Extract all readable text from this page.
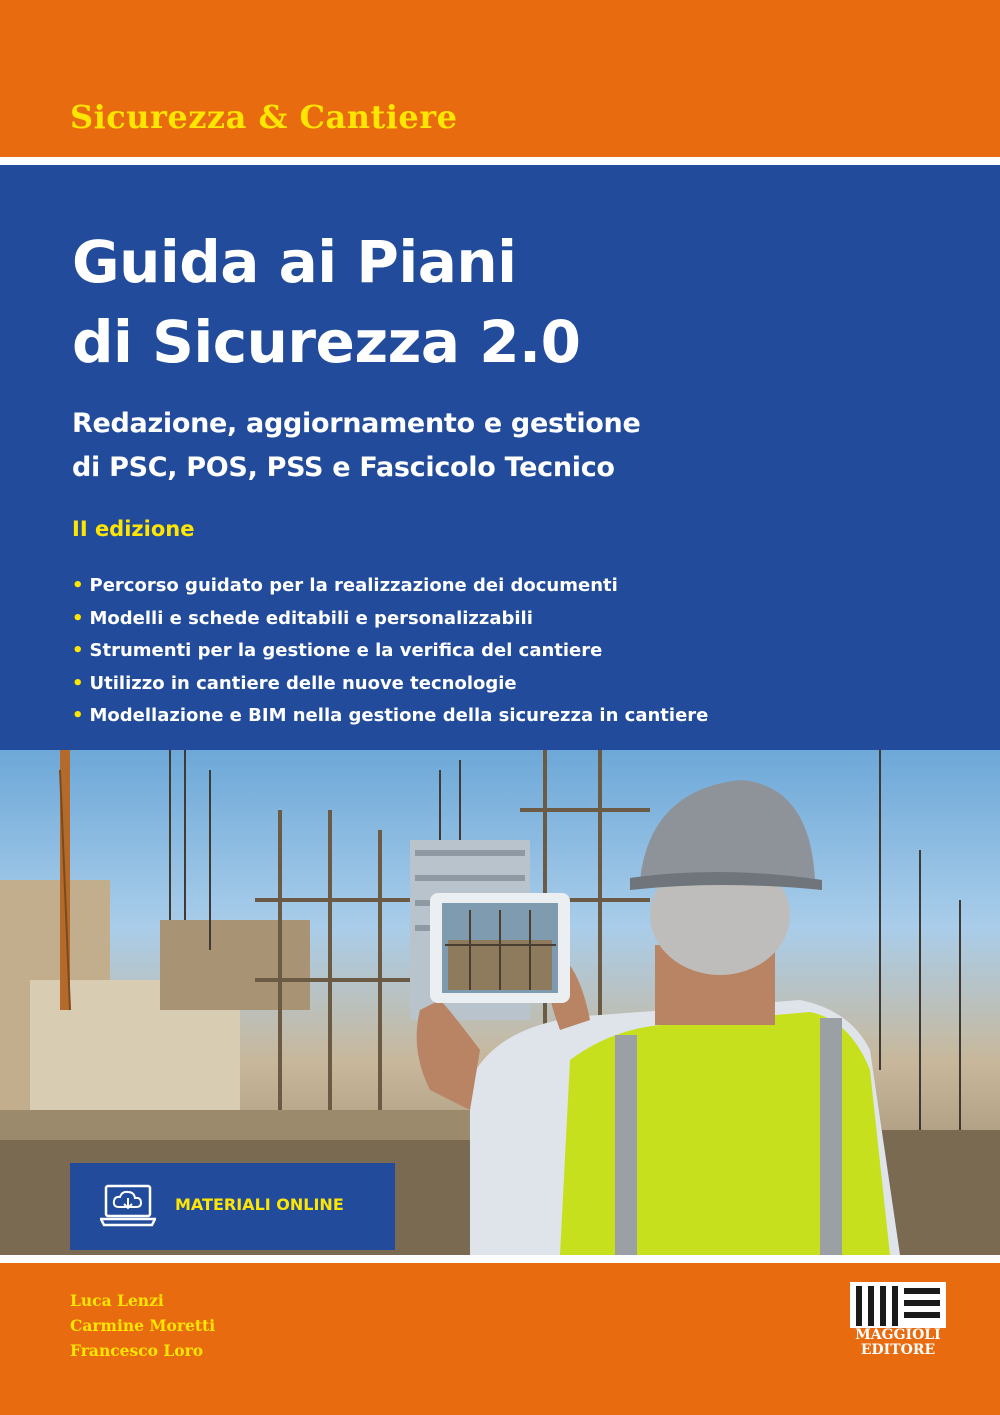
Sicurezza & Cantiere
Guida ai Piani
di Sicurezza 2.0
Redazione, aggiornamento e gestione
di PSC, POS, PSS e Fascicolo Tecnico
II edizione
• Percorso guidato per la realizzazione dei documenti
• Modelli e schede editabili e personalizzabili
• Strumenti per la gestione e la verifica del cantiere
• Utilizzo in cantiere delle nuove tecnologie
• Modellazione e BIM nella gestione della sicurezza in cantiere
MATERIALI ONLINE
Luca Lenzi
Carmine Moretti
Francesco Loro
MAGGIOLI
EDITORE
